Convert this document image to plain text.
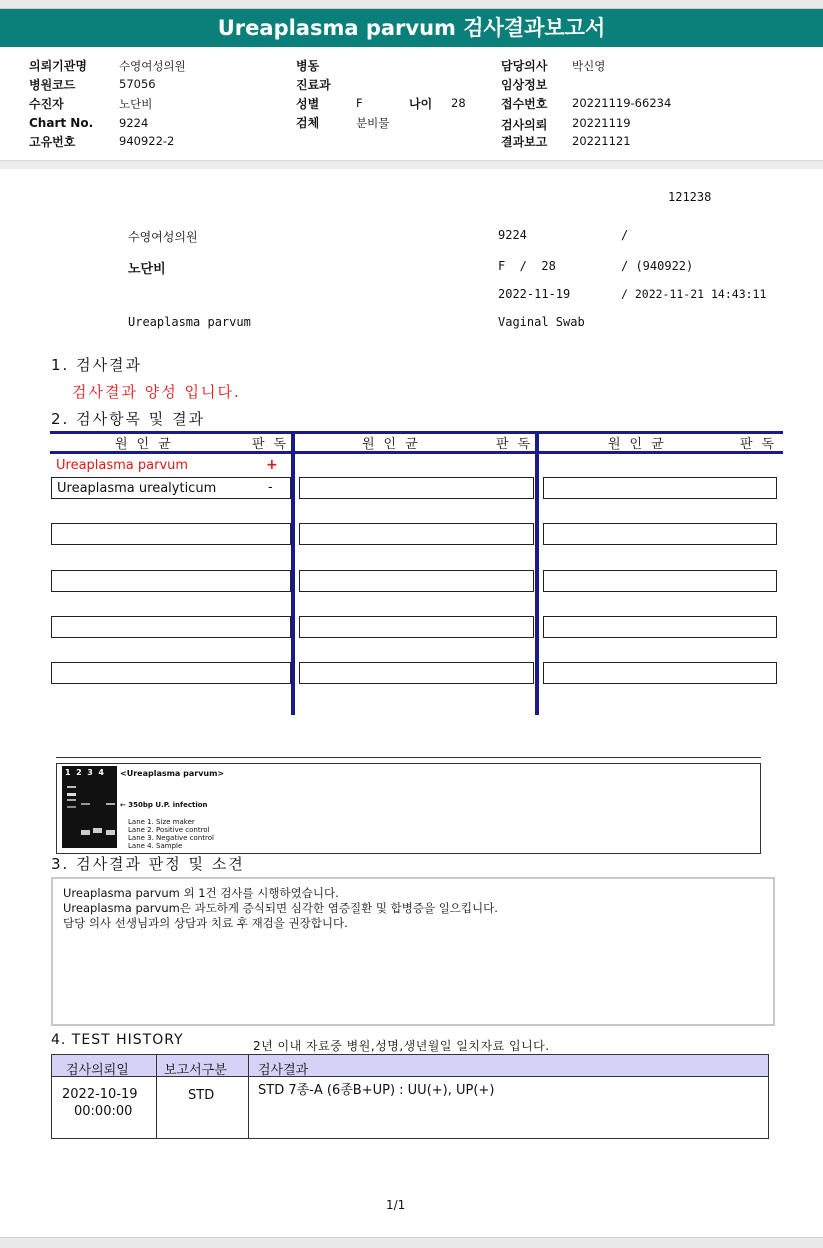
Ureaplasma parvum 검사결과보고서
의뢰기관명	수영여성의원
병원코드	57056
수진자	노단비
Chart No. 9224
고유번호	940922-2
병동
진료과
성별	F	나이 28
검체	분비물
담당의사 박신영
임상정보
접수번호 20221119-66234
검사의뢰 20221119
결과보고 20221121
121238
수영여성의원	9224	/
노단비	F  /  28	/ (940922)
2022-11-19	/ 2022-11-21 14:43:11
Ureaplasma parvum	Vaginal Swab
1. 검사결과
검사결과 양성 입니다.
2. 검사항목 및 결과
원인균	판독	원인균	판독	원인균	판독
Ureaplasma parvum	+
Ureaplasma urealyticum	-
1  2  3  4 <Ureaplasma parvum>
← 350bp U.P. infection
Lane 1. Size maker
Lane 2. Positive control
Lane 3. Negative control
Lane 4. Sample
3. 검사결과 판정 및 소견
Ureaplasma parvum 외 1건 검사를 시행하였습니다.
Ureaplasma parvum은 과도하게 증식되면 심각한 염증질환 및 합병증을 일으킵니다.
담당 의사 선생님과의 상담과 치료 후 재검을 권장합니다.
4. TEST HISTORY	2년 이내 자료중 병원,성명,생년월일 일치자료 입니다.
검사의뢰일	보고서구분 검사결과
2022-10-19
00:00:00
STD	STD 7종-A (6종B+UP) : UU(+), UP(+)
1/1
